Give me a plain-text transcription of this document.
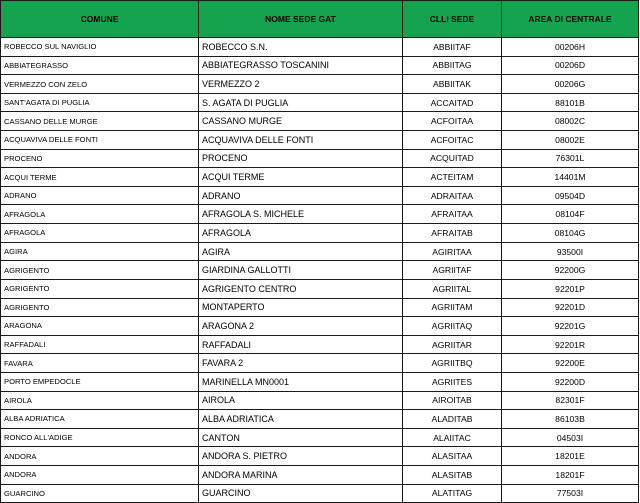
COMUNE	NOME SEDE GAT	CLLI SEDE	AREA DI CENTRALE
ROBECCO SUL NAVIGLIO	ROBECCO S.N.	ABBIITAF	00206H
ABBIATEGRASSO	ABBIATEGRASSO TOSCANINI	ABBIITAG	00206D
VERMEZZO CON ZELO	VERMEZZO 2	ABBIITAK	00206G
SANT'AGATA DI PUGLIA	S. AGATA DI PUGLIA	ACCAITAD	88101B
CASSANO DELLE MURGE	CASSANO MURGE	ACFOITAA	08002C
ACQUAVIVA DELLE FONTI	ACQUAVIVA DELLE FONTI	ACFOITAC	08002E
PROCENO	PROCENO	ACQUITAD	76301L
ACQUI TERME	ACQUI TERME	ACTEITAM	14401M
ADRANO	ADRANO	ADRAITAA	09504D
AFRAGOLA	AFRAGOLA S. MICHELE	AFRAITAA	08104F
AFRAGOLA	AFRAGOLA	AFRAITAB	08104G
AGIRA	AGIRA	AGIRITAA	93500I
AGRIGENTO	GIARDINA GALLOTTI	AGRIITAF	92200G
AGRIGENTO	AGRIGENTO CENTRO	AGRIITAL	92201P
AGRIGENTO	MONTAPERTO	AGRIITAM	92201D
ARAGONA	ARAGONA 2	AGRIITAQ	92201G
RAFFADALI	RAFFADALI	AGRIITAR	92201R
FAVARA	FAVARA 2	AGRIITBQ	92200E
PORTO EMPEDOCLE	MARINELLA MN0001	AGRIITES	92200D
AIROLA	AIROLA	AIROITAB	82301F
ALBA ADRIATICA	ALBA ADRIATICA	ALADITAB	86103B
RONCO ALL'ADIGE	CANTON	ALAIITAC	04503I
ANDORA	ANDORA S. PIETRO	ALASITAA	18201E
ANDORA	ANDORA MARINA	ALASITAB	18201F
GUARCINO	GUARCINO	ALATITAG	77503I
